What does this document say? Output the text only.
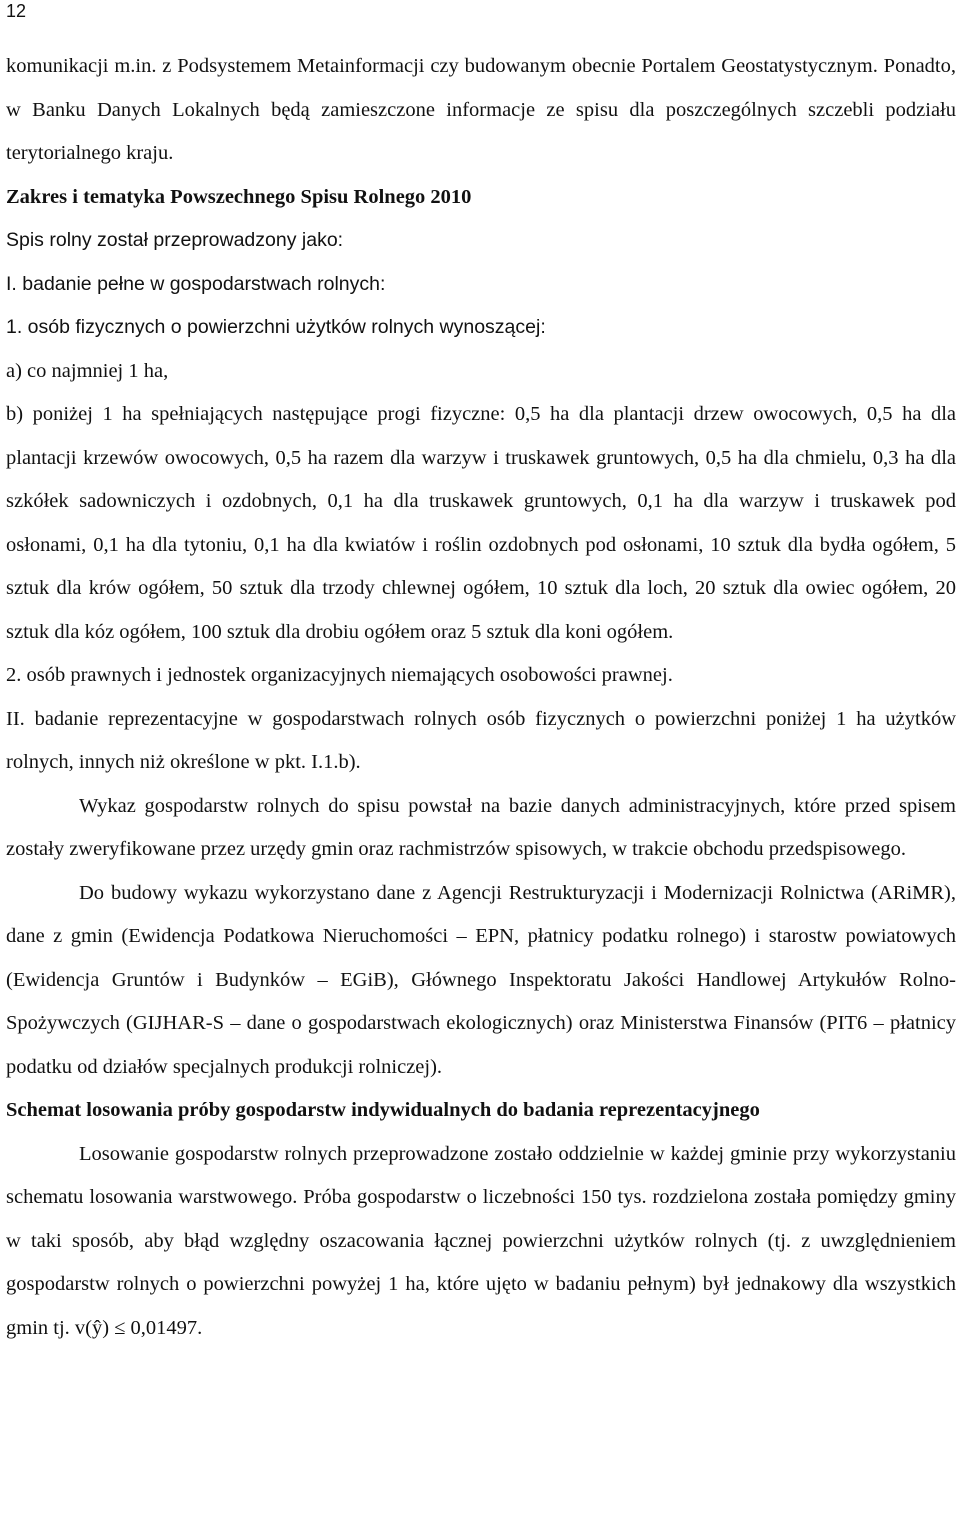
12

komunikacji m.in. z Podsystemem Metainformacji czy budowanym obecnie Portalem Geostatystycznym. Ponadto, w Banku Danych Lokalnych będą zamieszczone informacje ze spisu dla poszczególnych szczebli podziału terytorialnego kraju.

Zakres i tematyka Powszechnego Spisu Rolnego 2010

Spis rolny został przeprowadzony jako:

I. badanie pełne w gospodarstwach rolnych:

1. osób fizycznych o powierzchni użytków rolnych wynoszącej:

a) co najmniej 1 ha,

b) poniżej 1 ha spełniających następujące progi fizyczne: 0,5 ha dla plantacji drzew owocowych, 0,5 ha dla plantacji krzewów owocowych, 0,5 ha razem dla warzyw i truskawek gruntowych, 0,5 ha dla chmielu, 0,3 ha dla szkółek sadowniczych i ozdobnych, 0,1 ha dla truskawek gruntowych, 0,1 ha dla warzyw i truskawek pod osłonami, 0,1 ha dla tytoniu, 0,1 ha dla kwiatów i roślin ozdobnych pod osłonami, 10 sztuk dla bydła ogółem, 5 sztuk dla krów ogółem, 50 sztuk dla trzody chlewnej ogółem, 10 sztuk dla loch, 20 sztuk dla owiec ogółem, 20 sztuk dla kóz ogółem, 100 sztuk dla drobiu ogółem oraz 5 sztuk dla koni ogółem.

2. osób prawnych i jednostek organizacyjnych niemających osobowości prawnej.

II. badanie reprezentacyjne w gospodarstwach rolnych osób fizycznych o powierzchni poniżej 1 ha użytków rolnych, innych niż określone w pkt. I.1.b).

Wykaz gospodarstw rolnych do spisu powstał na bazie danych administracyjnych, które przed spisem zostały zweryfikowane przez urzędy gmin oraz rachmistrzów spisowych, w trakcie obchodu przedspisowego.

Do budowy wykazu wykorzystano dane z Agencji Restrukturyzacji i Modernizacji Rolnictwa (ARiMR), dane z gmin (Ewidencja Podatkowa Nieruchomości – EPN, płatnicy podatku rolnego) i starostw powiatowych (Ewidencja Gruntów i Budynków – EGiB), Głównego Inspektoratu Jakości Handlowej Artykułów Rolno-Spożywczych (GIJHAR-S – dane o gospodarstwach ekologicznych) oraz Ministerstwa Finansów (PIT6 – płatnicy podatku od działów specjalnych produkcji rolniczej).

Schemat losowania próby gospodarstw indywidualnych do badania reprezentacyjnego

Losowanie gospodarstw rolnych przeprowadzone zostało oddzielnie w każdej gminie przy wykorzystaniu schematu losowania warstwowego. Próba gospodarstw o liczebności 150 tys. rozdzielona została pomiędzy gminy w taki sposób, aby błąd względny oszacowania łącznej powierzchni użytków rolnych (tj. z uwzględnieniem gospodarstw rolnych o powierzchni powyżej 1 ha, które ujęto w badaniu pełnym) był jednakowy dla wszystkich gmin tj. v(ŷ) ≤ 0,01497.
